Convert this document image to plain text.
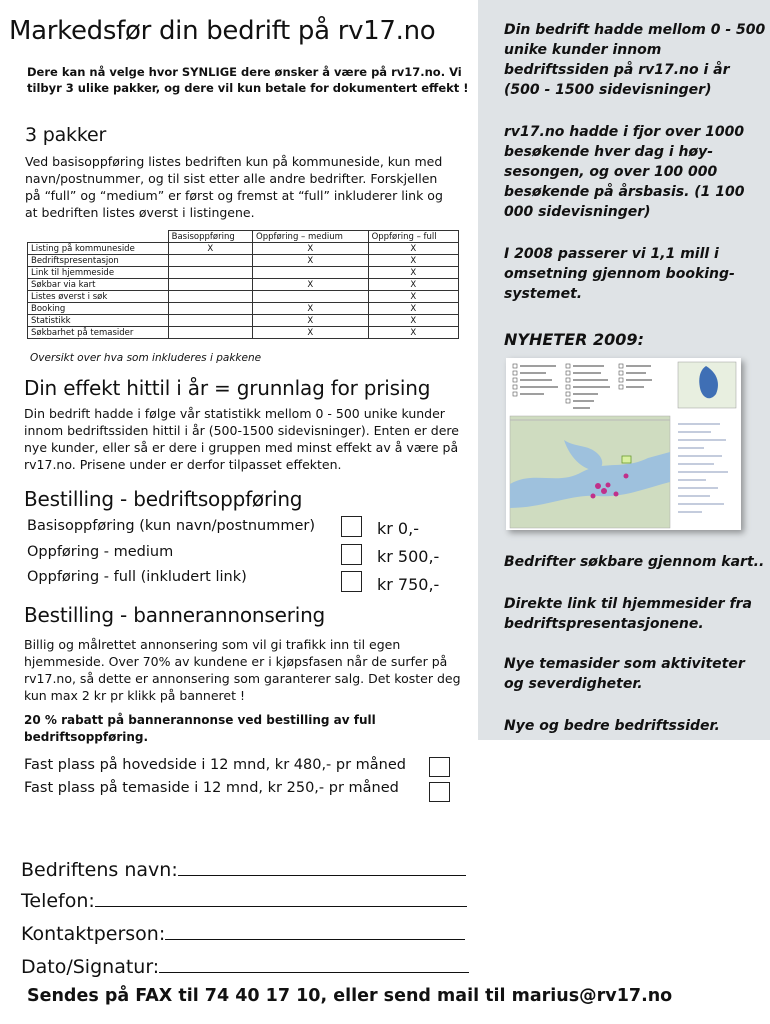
Markedsfør din bedrift på rv17.no

Dere kan nå velge hvor SYNLIGE dere ønsker å være på rv17.no. Vi tilbyr 3 ulike pakker, og dere vil kun betale for dokumentert effekt !

3 pakker

Ved basisoppføring listes bedriften kun på kommuneside, kun med navn/postnummer, og til sist etter alle andre bedrifter. Forskjellen på “full” og “medium” er først og fremst at “full” inkluderer link og at bedriften listes øverst i listingene.

	Basisoppføring	Oppføring – medium	Oppføring – full
Listing på kommuneside	X	X	X
Bedriftspresentasjon		X	X
Link til hjemmeside			X
Søkbar via kart		X	X
Listes øverst i søk			X
Booking		X	X
Statistikk		X	X
Søkbarhet på temasider		X	X
Oversikt over hva som inkluderes i pakkene
Din effekt hittil i år = grunnlag for prising

Din bedrift hadde i følge vår statistikk mellom 0 - 500 unike kunder innom bedriftssiden hittil i år (500-1500 sidevisninger). Enten er dere nye kunder, eller så er dere i gruppen med minst effekt av å være på rv17.no. Prisene under er derfor tilpasset effekten.

Bestilling - bedriftsoppføring
Basisoppføring (kun navn/postnummer)	kr 0,-
Oppføring - medium	kr 500,-
Oppføring - full (inkludert link)	kr 750,-
Bestilling - bannerannonsering

Billig og målrettet annonsering som vil gi trafikk inn til egen hjemmeside. Over 70% av kundene er i kjøpsfasen når de surfer på rv17.no, så dette er annonsering som garanterer salg. Det koster deg kun max 2 kr pr klikk på banneret !

20 % rabatt på bannerannonse ved bestilling av full bedriftsoppføring.

Fast plass på hovedside i 12 mnd, kr 480,- pr måned
Fast plass på temaside i 12 mnd, kr 250,- pr måned
Bedriftens navn:
Telefon:
Kontaktperson:
Dato/Signatur:
Sendes på FAX til 74 40 17 10, eller send mail til marius@rv17.no

Din bedrift hadde mellom 0 - 500 unike kunder innom bedriftssiden på rv17.no i år (500 - 1500 sidevisninger)

rv17.no hadde i fjor over 1000 besøkende hver dag i høy-sesongen, og over 100 000 besøkende på årsbasis. (1 100 000 sidevisninger)

I 2008 passerer vi 1,1 mill i omsetning gjennom booking-systemet.

NYHETER 2009:

Bedrifter søkbare gjennom kart..

Direkte link til hjemmesider fra bedriftspresentasjonene.

Nye temasider som aktiviteter og severdigheter.

Nye og bedre bedriftssider.
